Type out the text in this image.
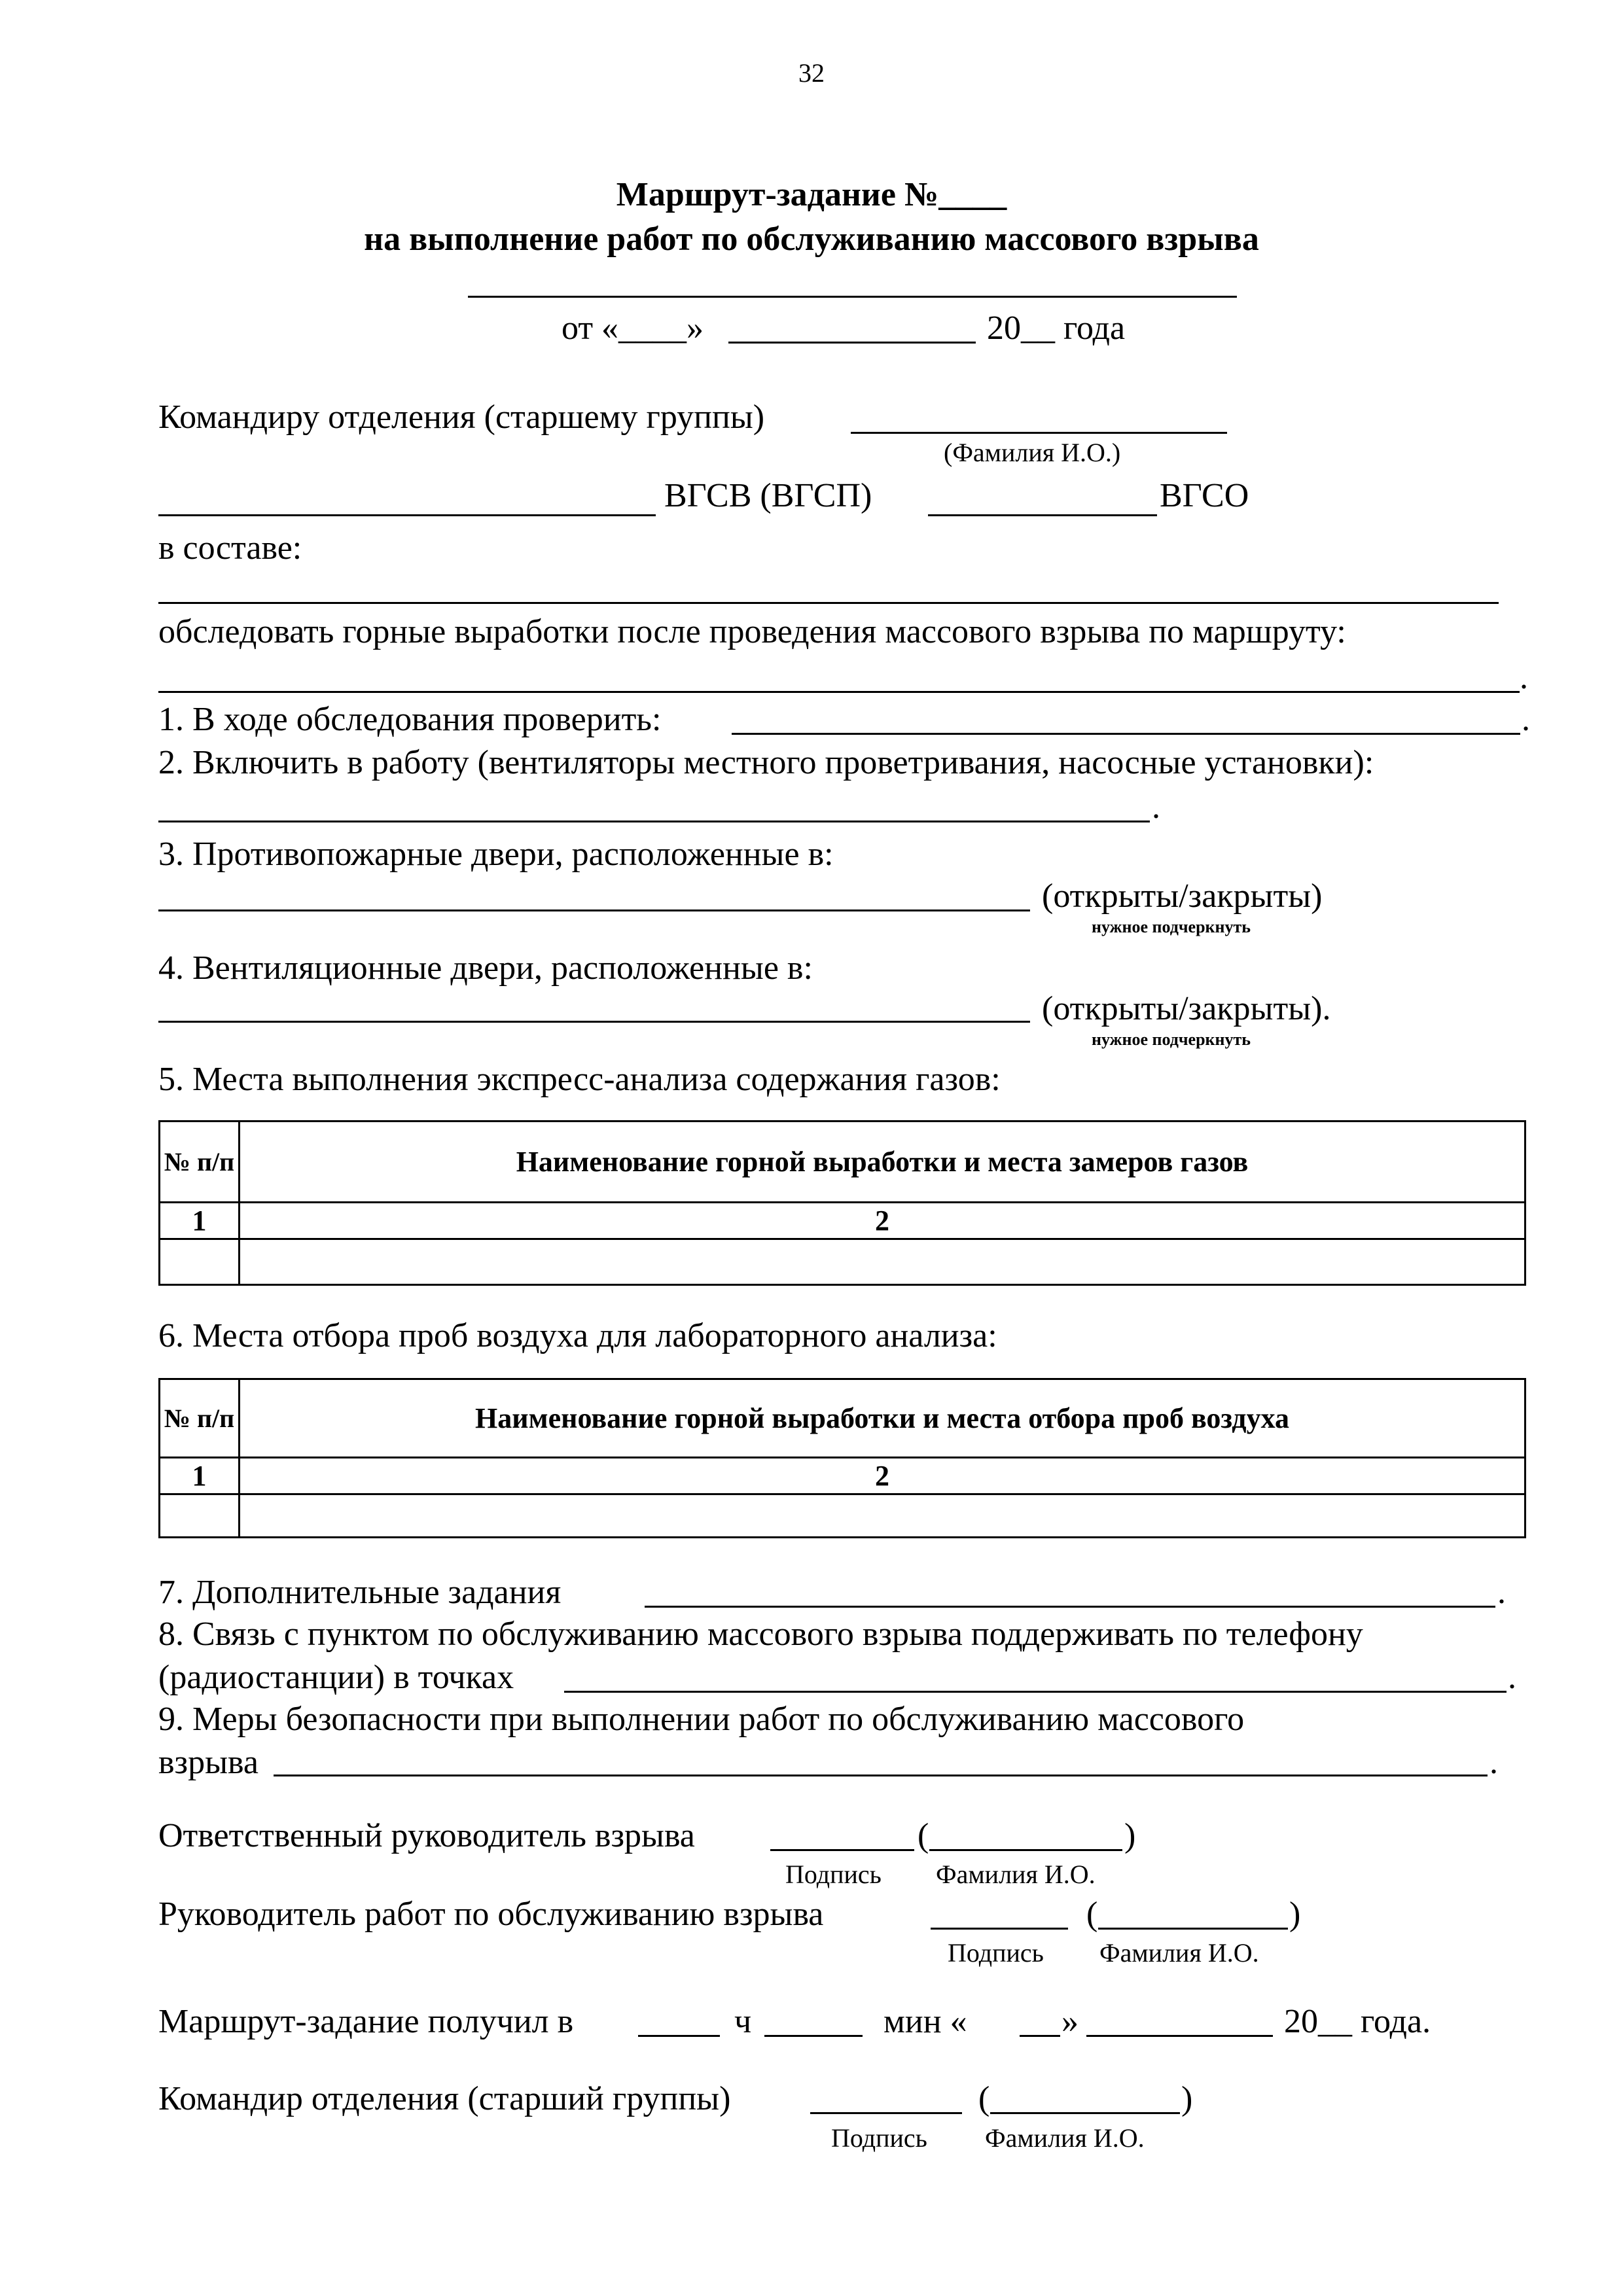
32
Маршрут-задание №____
на выполнение работ по обслуживанию массового взрыва
от «____»	20__ года
Командиру отделения (старшему группы)
(Фамилия И.О.)
ВГСВ (ВГСП)	ВГСО
в составе:
обследовать горные выработки после проведения массового взрыва по маршруту:
.
1. В ходе обследования проверить:	.
2. Включить в работу (вентиляторы местного проветривания, насосные установки):
.
3. Противопожарные двери, расположенные в:
(открыты/закрыты)
нужное подчеркнуть
4. Вентиляционные двери, расположенные в:
(открыты/закрыты).
нужное подчеркнуть
5. Места выполнения экспресс-анализа содержания газов:
№ п/п	Наименование горной выработки и места замеров газов
1	2

6. Места отбора проб воздуха для лабораторного анализа:
№ п/п	Наименование горной выработки и места отбора проб воздуха
1	2

7. Дополнительные задания	.
8. Связь с пунктом по обслуживанию массового взрыва поддерживать по телефону
(радиостанции) в точках	.
9. Меры безопасности при выполнении работ по обслуживанию массового
взрыва	.
Ответственный руководитель взрыва	(	)
Подпись Фамилия И.О.
Руководитель работ по обслуживанию взрыва	(	)
Подпись Фамилия И.О.
Маршрут-задание получил в	ч	мин «	»	20__ года.
Командир отделения (старший группы)	(	)
Подпись Фамилия И.О.
